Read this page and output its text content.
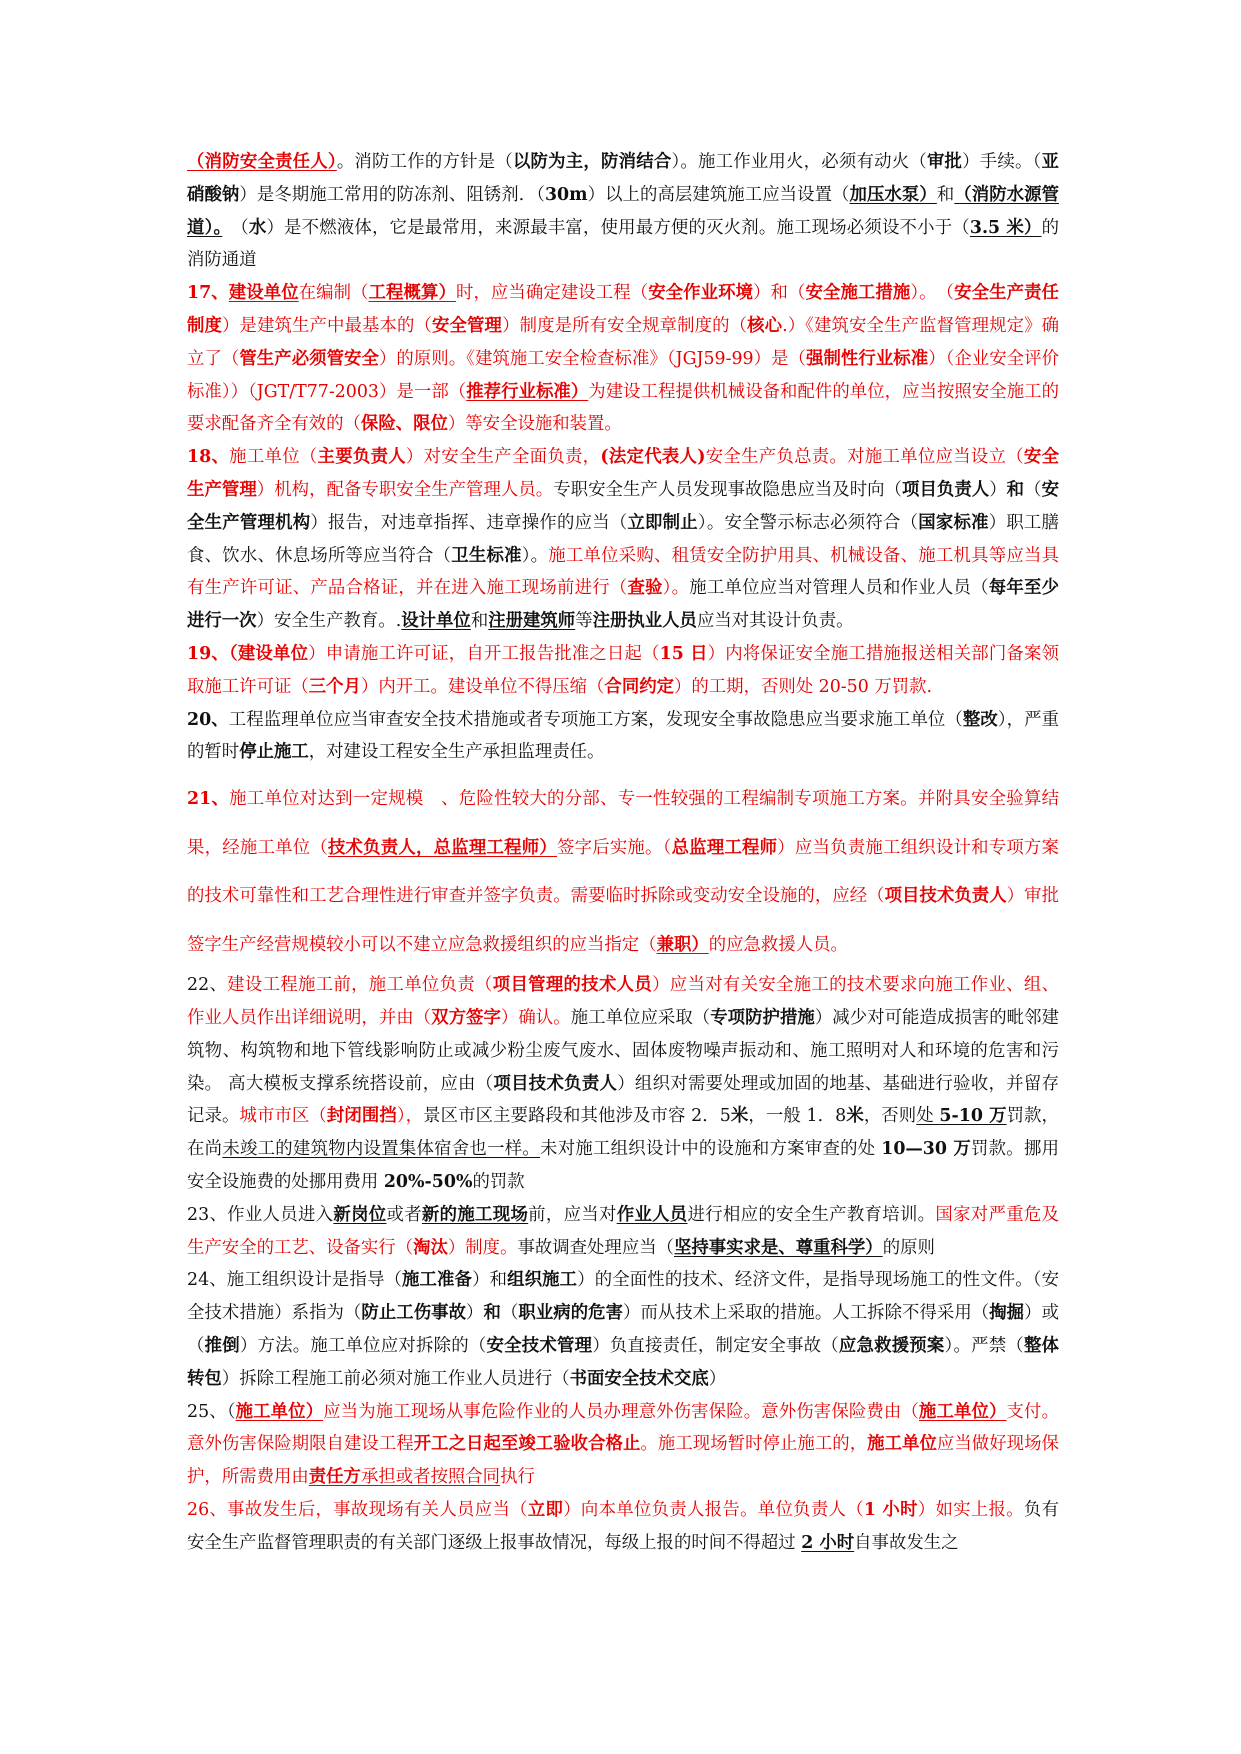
（消防安全责任人）。消防工作的方针是（以防为主，防消结合）。施工作业用火，必须有动火（审批）手续。（亚硝酸钠）是冬期施工常用的防冻剂、阻锈剂．（30m）以上的高层建筑施工应当设置（加压水泵）和（消防水源管道）。　（水）是不燃液体，它是最常用，来源最丰富，使用最方便的灭火剂。施工现场必须设不小于（3.5 米）的消防通道

17、建设单位在编制（工程概算）时，应当确定建设工程（安全作业环境）和（安全施工措施）。　（安全生产责任制度）是建筑生产中最基本的（安全管理）制度是所有安全规章制度的（核心.）《建筑安全生产监督管理规定》确立了（管生产必须管安全）的原则。《建筑施工安全检查标准》（JGJ59-99）是（强制性行业标准）（企业安全评价标准））（JGT/T77-2003）是一部（推荐行业标准）为建设工程提供机械设备和配件的单位，应当按照安全施工的要求配备齐全有效的（保险、限位）等安全设施和装置。

18、施工单位（主要负责人）对安全生产全面负责，(法定代表人)安全生产负总责。对施工单位应当设立（安全生产管理）机构，配备专职安全生产管理人员。专职安全生产人员发现事故隐患应当及时向（项目负责人）和（安全生产管理机构）报告，对违章指挥、违章操作的应当（立即制止）。安全警示标志必须符合（国家标准）职工膳食、饮水、休息场所等应当符合（卫生标准）。施工单位采购、租赁安全防护用具、机械设备、施工机具等应当具有生产许可证、产品合格证，并在进入施工现场前进行（查验）。施工单位应当对管理人员和作业人员（每年至少进行一次）安全生产教育。.设计单位和注册建筑师等注册执业人员应当对其设计负责。

19、（建设单位）申请施工许可证，自开工报告批准之日起（15 日）内将保证安全施工措施报送相关部门备案领取施工许可证（三个月）内开工。建设单位不得压缩（合同约定）的工期，否则处 20-50 万罚款.

20、工程监理单位应当审查安全技术措施或者专项施工方案，发现安全事故隐患应当要求施工单位（整改），严重的暂时停止施工，对建设工程安全生产承担监理责任。

21、施工单位对达到一定规模　、危险性较大的分部、专一性较强的工程编制专项施工方案。并附具安全验算结果，经施工单位（技术负责人，总监理工程师）签字后实施。（总监理工程师）应当负责施工组织设计和专项方案的技术可靠性和工艺合理性进行审查并签字负责。需要临时拆除或变动安全设施的，应经（项目技术负责人）审批签字生产经营规模较小可以不建立应急救援组织的应当指定（兼职）的应急救援人员。

22、建设工程施工前，施工单位负责（项目管理的技术人员）应当对有关安全施工的技术要求向施工作业、组、作业人员作出详细说明，并由（双方签字）确认。施工单位应采取（专项防护措施）减少对可能造成损害的毗邻建筑物、构筑物和地下管线影响防止或减少粉尘废气废水、固体废物噪声振动和、施工照明对人和环境的危害和污染。 高大模板支撑系统搭设前，应由（项目技术负责人）组织对需要处理或加固的地基、基础进行验收，并留存记录。城市市区（封闭围挡），景区市区主要路段和其他涉及市容 2．5米，一般 1．8米，否则处 5-10 万罚款，在尚未竣工的建筑物内设置集体宿舍也一样。未对施工组织设计中的设施和方案审查的处 10—30 万罚款。挪用安全设施费的处挪用费用 20%-50%的罚款

23、作业人员进入新岗位或者新的施工现场前，应当对作业人员进行相应的安全生产教育培训。国家对严重危及生产安全的工艺、设备实行（淘汰）制度。事故调查处理应当（坚持事实求是、尊重科学）的原则

24、施工组织设计是指导（施工准备）和组织施工）的全面性的技术、经济文件，是指导现场施工的性文件。（安全技术措施）系指为（防止工伤事故）和（职业病的危害）而从技术上采取的措施。人工拆除不得采用（掏掘）或（推倒）方法。施工单位应对拆除的（安全技术管理）负直接责任，制定安全事故（应急救援预案）。严禁（整体转包）拆除工程施工前必须对施工作业人员进行（书面安全技术交底）

25、（施工单位）应当为施工现场从事危险作业的人员办理意外伤害保险。意外伤害保险费由（施工单位）支付。意外伤害保险期限自建设工程开工之日起至竣工验收合格止。施工现场暂时停止施工的，施工单位应当做好现场保护，所需费用由责任方承担或者按照合同执行

26、事故发生后，事故现场有关人员应当（立即）向本单位负责人报告。单位负责人（1 小时）如实上报。负有安全生产监督管理职责的有关部门逐级上报事故情况，每级上报的时间不得超过 2 小时自事故发生之
